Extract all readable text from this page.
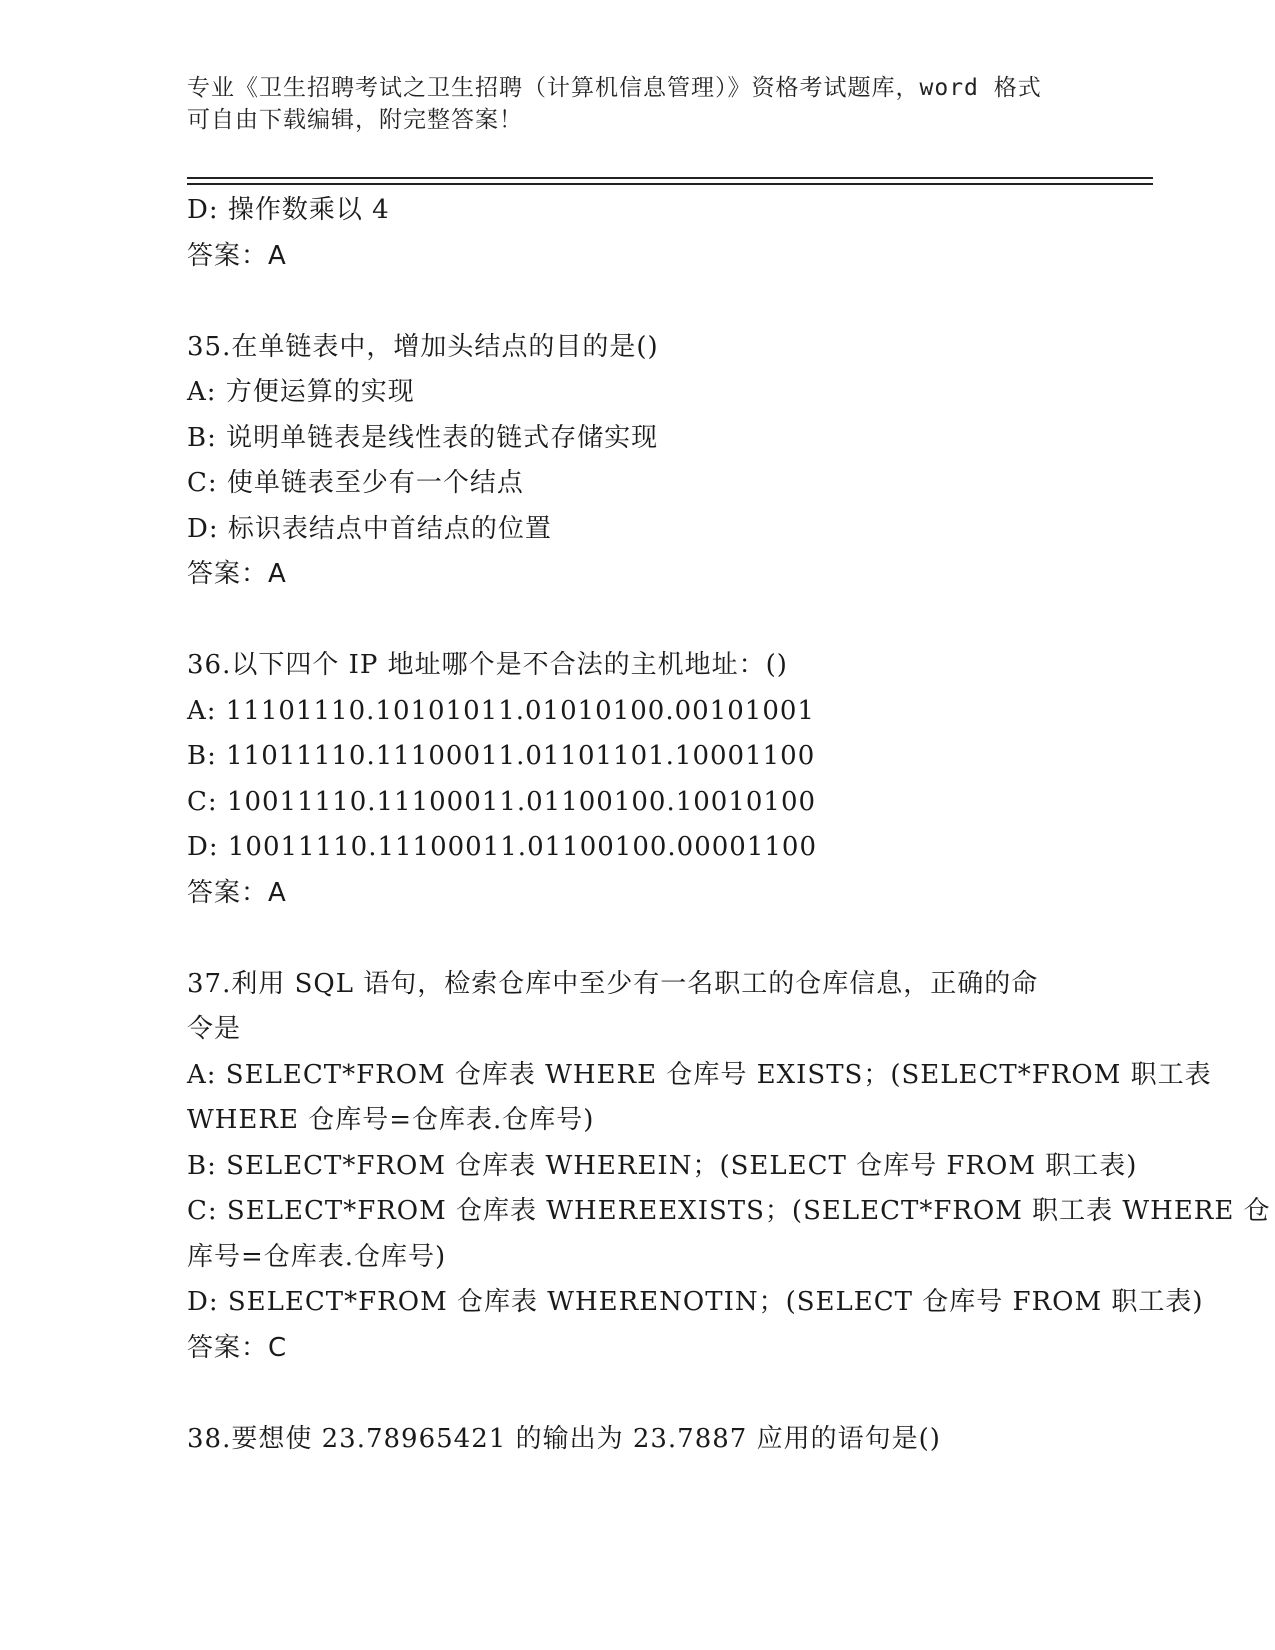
专业《卫生招聘考试之卫生招聘（计算机信息管理）》资格考试题库，word 格式
可自由下载编辑，附完整答案！
D: 操作数乘以 4
答案：A
35.在单链表中，增加头结点的目的是()
A: 方便运算的实现
B: 说明单链表是线性表的链式存储实现
C: 使单链表至少有一个结点
D: 标识表结点中首结点的位置
答案：A
36.以下四个 IP 地址哪个是不合法的主机地址：()
A: 11101110.10101011.01010100.00101001
B: 11011110.11100011.01101101.10001100
C: 10011110.11100011.01100100.10010100
D: 10011110.11100011.01100100.00001100
答案：A
37.利用 SQL 语句，检索仓库中至少有一名职工的仓库信息，正确的命
令是
A: SELECT*FROM 仓库表 WHERE 仓库号 EXISTS；(SELECT*FROM 职工表
WHERE 仓库号=仓库表.仓库号)
B: SELECT*FROM 仓库表 WHEREIN；(SELECT 仓库号 FROM 职工表)
C: SELECT*FROM 仓库表 WHEREEXISTS；(SELECT*FROM 职工表 WHERE 仓
库号=仓库表.仓库号)
D: SELECT*FROM 仓库表 WHERENOTIN；(SELECT 仓库号 FROM 职工表)
答案：C
38.要想使 23.78965421 的输出为 23.7887 应用的语句是()
